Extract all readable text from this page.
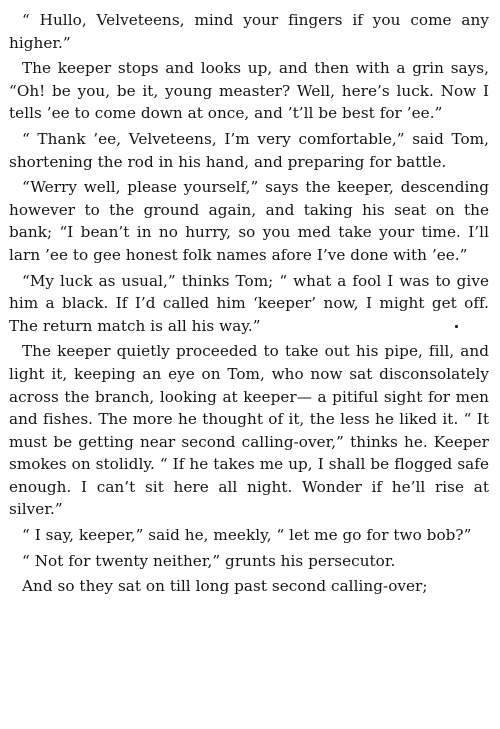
“ Hullo, Velveteens, mind your fingers if you come any higher.”

The keeper stops and looks up, and then with a grin says, “Oh! be you, be it, young measter? Well, here’s luck. Now I tells ’ee to come down at once, and ’t’ll be best for ’ee.”

“ Thank ’ee, Velveteens, I’m very comfortable,” said Tom, shortening the rod in his hand, and preparing for battle.

“Werry well, please yourself,” says the keeper, descending however to the ground again, and taking his seat on the bank; “I bean’t in no hurry, so you med take your time. I’ll larn ’ee to gee honest folk names afore I’ve done with ’ee.”

“My luck as usual,” thinks Tom; “ what a fool I was to give him a black. If I’d called him ‘keeper’ now, I might get off. The return match is all his way.”

The keeper quietly proceeded to take out his pipe, fill, and light it, keeping an eye on Tom, who now sat disconsolately across the branch, looking at keeper— a pitiful sight for men and fishes. The more he thought of it, the less he liked it. “ It must be getting near second calling-over,” thinks he. Keeper smokes on stolidly. “ If he takes me up, I shall be flogged safe enough. I can’t sit here all night. Wonder if he’ll rise at silver.”

“ I say, keeper,” said he, meekly, “ let me go for two bob?”

“ Not for twenty neither,” grunts his persecutor.

And so they sat on till long past second calling-over;
